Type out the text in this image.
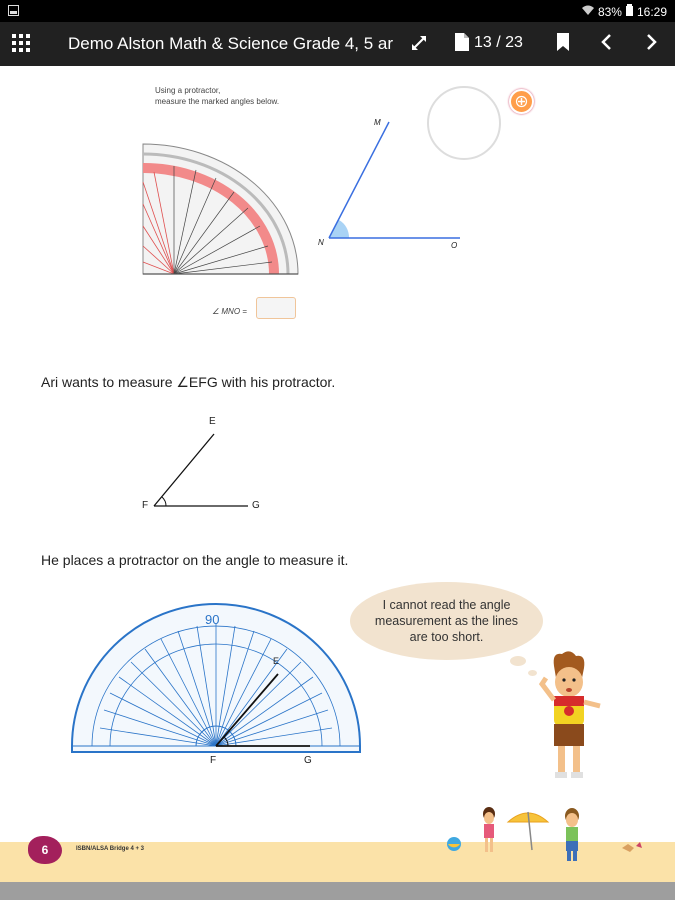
83% 16:29
Demo Alston Math & Science Grade 4, 5 ar	13 / 23
Using a protractor,
measure the marked angles below.
M
N	O
∠ MNO =
Ari wants to measure ∠EFG with his protractor.
E
F	G
He places a protractor on the angle to measure it.
90
E
F	G
I cannot read the angle
measurement as the lines
are too short.
6	ISBN/ALSA Bridge 4 + 3
